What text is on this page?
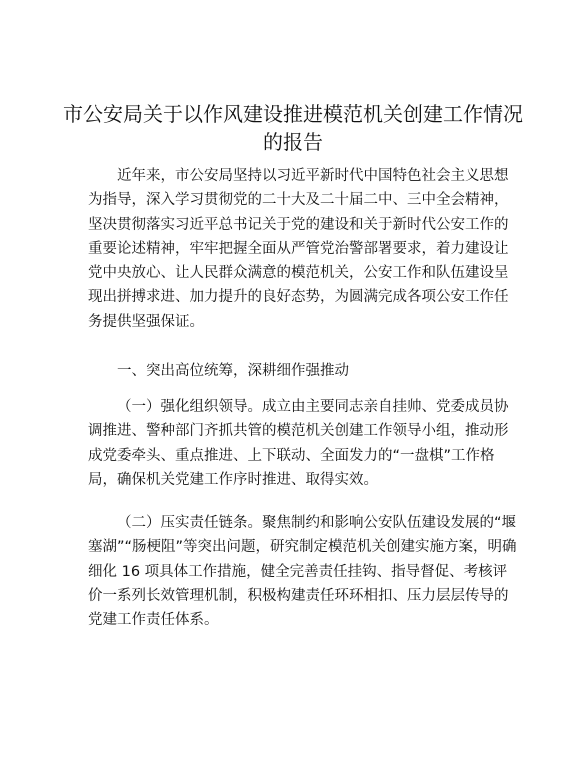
市公安局关于以作风建设推进模范机关创建工作情况的报告

近年来，市公安局坚持以习近平新时代中国特色社会主义思想为指导，深入学习贯彻党的二十大及二十届二中、三中全会精神，坚决贯彻落实习近平总书记关于党的建设和关于新时代公安工作的重要论述精神，牢牢把握全面从严管党治警部署要求，着力建设让党中央放心、让人民群众满意的模范机关，公安工作和队伍建设呈现出拼搏求进、加力提升的良好态势，为圆满完成各项公安工作任务提供坚强保证。

一、突出高位统筹，深耕细作强推动

（一）强化组织领导。成立由主要同志亲自挂帅、党委成员协调推进、警种部门齐抓共管的模范机关创建工作领导小组，推动形成党委牵头、重点推进、上下联动、全面发力的“一盘棋”工作格局，确保机关党建工作序时推进、取得实效。

（二）压实责任链条。聚焦制约和影响公安队伍建设发展的“堰塞湖”“肠梗阻”等突出问题，研究制定模范机关创建实施方案，明确细化 16 项具体工作措施，健全完善责任挂钩、指导督促、考核评价一系列长效管理机制，积极构建责任环环相扣、压力层层传导的党建工作责任体系。
